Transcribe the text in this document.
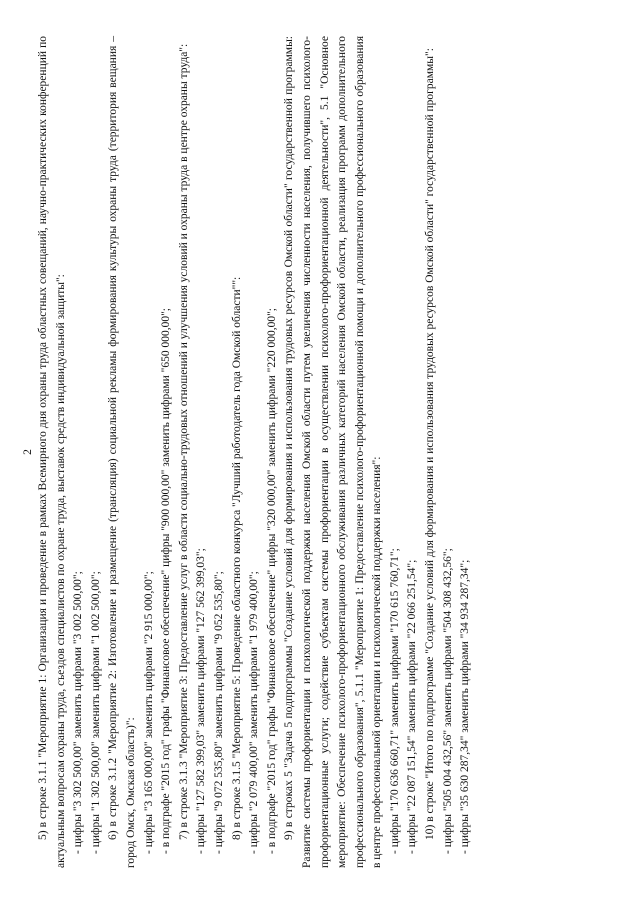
2 5) в строке 3.1.1 "Мероприятие 1: Организация и проведение в рамках Всемирного дня охраны труда областных совещаний, научно-практических конференций по актуальным вопросам охраны труда, съездов специалистов по охране труда, выставок средств индивидуальной защиты": - цифры "3 302 500,00" заменить цифрами "3 002 500,00"; - цифры "1 302 500,00" заменить цифрами "1 002 500,00"; 6) в строке 3.1.2 "Мероприятие 2: Изготовление и размещение (трансляция) социальной рекламы формирования культуры охраны труда (территория вещания – город Омск, Омская область)": - цифры "3 165 000,00" заменить цифрами "2 915 000,00"; - в подграфе "2015 год" графы "Финансовое обеспечение" цифры "900 000,00" заменить цифрами "650 000,00"; 7) в строке 3.1.3 "Мероприятие 3: Предоставление услуг в области социально-трудовых отношений и улучшения условий и охраны труда в центре охраны труда": - цифры "127 582 399,03" заменить цифрами "127 562 399,03"; - цифры "9 072 535,80" заменить цифрами "9 052 535,80"; 8) в строке 3.1.5 "Мероприятие 5: Проведение областного конкурса "Лучший работодатель года Омской области"": - цифры "2 079 400,00" заменить цифрами "1 979 400,00"; - в подграфе "2015 год" графы "Финансовое обеспечение" цифры "320 000,00" заменить цифрами "220 000,00"; 9) в строках 5 "Задача 5 подпрограммы "Создание условий для формирования и использования трудовых ресурсов Омской области" государственной программы: Развитие системы профориентации и психологической поддержки населения Омской области путем увеличения численности населения, получившего психолого-профориентационные услуги; содействие субъектам системы профориентации в осуществлении психолого-профориентационной деятельности", 5.1 "Основное мероприятие: Обеспечение психолого-профориентационного обслуживания различных категорий населения Омской области, реализация программ дополнительного профессионального образования", 5.1.1 "Мероприятие 1: Предоставление психолого-профориентационной помощи и дополнительного профессионального образования в центре профессиональной ориентации и психологической поддержки населения": - цифры "170 636 660,71" заменить цифрами "170 615 760,71"; - цифры "22 087 151,54" заменить цифрами "22 066 251,54"; 10) в строке "Итого по подпрограмме "Создание условий для формирования и использования трудовых ресурсов Омской области" государственной программы": - цифры "505 004 432,56" заменить цифрами "504 308 432,56"; - цифры "35 630 287,34" заменить цифрами "34 934 287,34";
